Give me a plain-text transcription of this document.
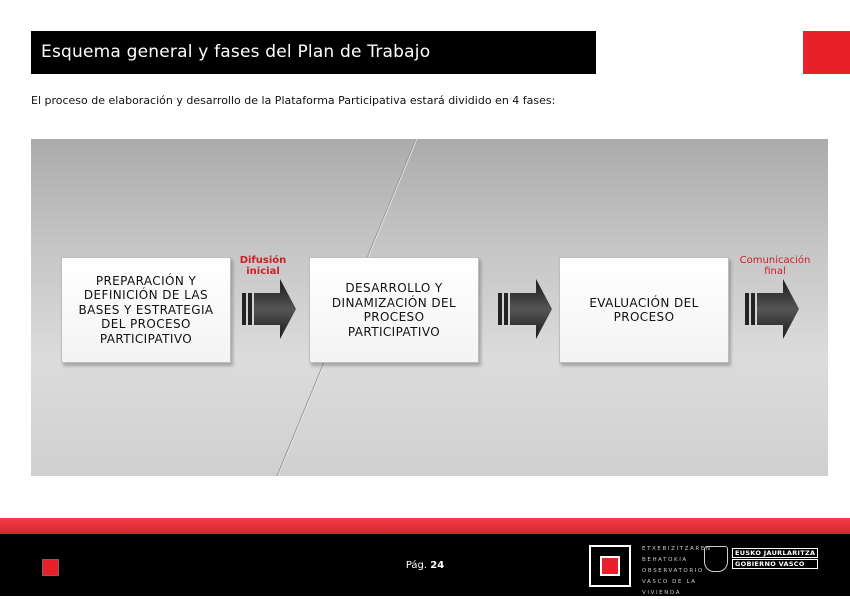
Esquema general y fases del Plan de Trabajo
El proceso de elaboración y desarrollo de la Plataforma Participativa estará dividido en 4 fases:
PREPARACIÓN Y DEFINICIÓN DE LAS BASES Y ESTRATEGIA DEL PROCESO PARTICIPATIVO
DESARROLLO Y DINAMIZACIÓN DEL PROCESO PARTICIPATIVO
EVALUACIÓN DEL PROCESO
Difusión inicial
Comunicación final
Pág. 24
ETXEBIZITZAREN
BEHATOKIA
OBSERVATORIO
VASCO DE LA
VIVIENDA
EUSKO JAURLARITZA
GOBIERNO VASCO
